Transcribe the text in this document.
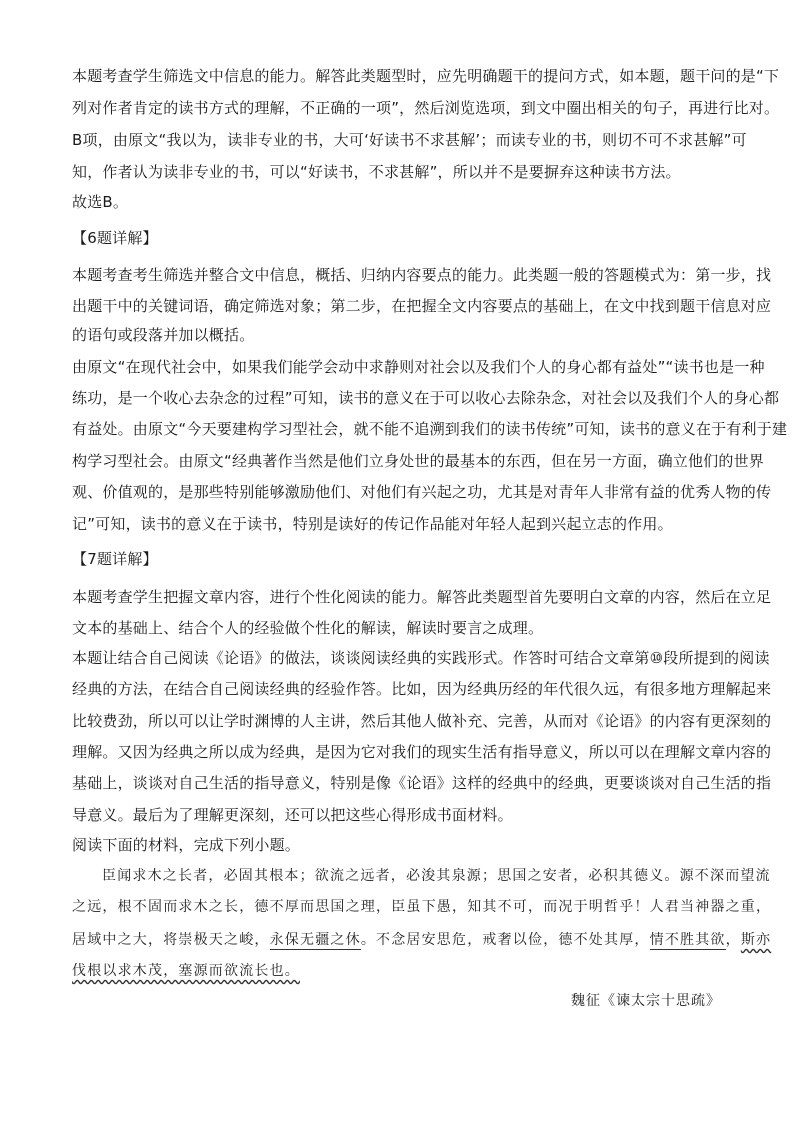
本题考查学生筛选文中信息的能力。解答此类题型时，应先明确题干的提问方式，如本题，题干问的是“下
列对作者肯定的读书方式的理解，不正确的一项”，然后浏览选项，到文中圈出相关的句子，再进行比对。
B项，由原文“我以为，读非专业的书，大可‘好读书不求甚解’；而读专业的书，则切不可不求甚解”可
知，作者认为读非专业的书，可以“好读书，不求甚解”，所以并不是要摒弃这种读书方法。
故选B。
【6题详解】
本题考查考生筛选并整合文中信息，概括、归纳内容要点的能力。此类题一般的答题模式为：第一步，找
出题干中的关键词语，确定筛选对象；第二步，在把握全文内容要点的基础上，在文中找到题干信息对应
的语句或段落并加以概括。
由原文“在现代社会中，如果我们能学会动中求静则对社会以及我们个人的身心都有益处”“读书也是一种
练功，是一个收心去杂念的过程”可知，读书的意义在于可以收心去除杂念，对社会以及我们个人的身心都
有益处。由原文“今天要建构学习型社会，就不能不追溯到我们的读书传统”可知，读书的意义在于有利于建
构学习型社会。由原文“经典著作当然是他们立身处世的最基本的东西，但在另一方面，确立他们的世界
观、价值观的，是那些特别能够激励他们、对他们有兴起之功，尤其是对青年人非常有益的优秀人物的传
记”可知，读书的意义在于读书，特别是读好的传记作品能对年轻人起到兴起立志的作用。
【7题详解】
本题考查学生把握文章内容，进行个性化阅读的能力。解答此类题型首先要明白文章的内容，然后在立足
文本的基础上、结合个人的经验做个性化的解读，解读时要言之成理。
本题让结合自己阅读《论语》的做法，谈谈阅读经典的实践形式。作答时可结合文章第⑩段所提到的阅读
经典的方法，在结合自己阅读经典的经验作答。比如，因为经典历经的年代很久远，有很多地方理解起来
比较费劲，所以可以让学时渊博的人主讲，然后其他人做补充、完善，从而对《论语》的内容有更深刻的
理解。又因为经典之所以成为经典，是因为它对我们的现实生活有指导意义，所以可以在理解文章内容的
基础上，谈谈对自己生活的指导意义，特别是像《论语》这样的经典中的经典，更要谈谈对自己生活的指
导意义。最后为了理解更深刻，还可以把这些心得形成书面材料。
阅读下面的材料，完成下列小题。
臣闻求木之长者，必固其根本；欲流之远者，必浚其泉源；思国之安者，必积其德义。源不深而望流
之远，根不固而求木之长，德不厚而思国之理，臣虽下愚，知其不可，而况于明哲乎！人君当神器之重，
居域中之大，将崇极天之峻，永保无疆之休。不念居安思危，戒奢以俭，德不处其厚，情不胜其欲，斯亦
伐根以求木茂，塞源而欲流长也。
魏征《谏太宗十思疏》
